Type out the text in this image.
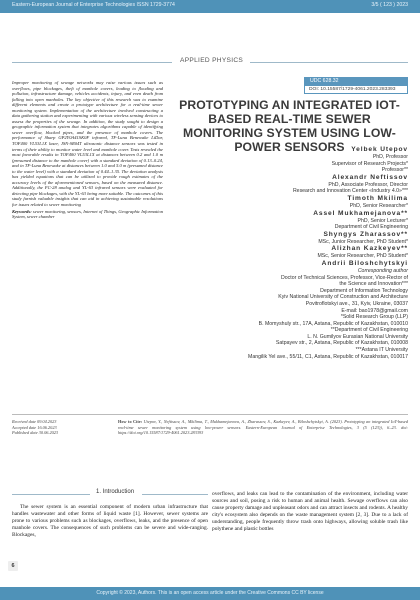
Eastern-European Journal of Enterprise Technologies ISSN 1729-3774	3/5 ( 123 ) 2023
APPLIED PHYSICS

Improper monitoring of sewage networks may raise various issues such as overflows, pipe blockages, theft of manhole covers, leading to flooding and pollution, infrastructure damage, vehicles accidents, injury, and even death from falling into open manholes. The key objective of this research was to examine different elements and create a prototype architecture for a real-time sewer monitoring system. Implementation of the architecture involved constructing a data gathering station and experimenting with various wireless sensing devices to assess the properties of the sewage. In addition, the study sought to design a geographic information system that integrates algorithms capable of identifying sewer overflow, blocked pipes, and the presence of manhole covers. The performance of Sharp GP2Y0A41SK0F infrared, TF-Luna Benewake LiDar, TOF400 VL53L1X laser, JSN-SR04T ultrasonic distance sensors was tested in terms of their ability to monitor water level and manhole cover. Tests revealed the most favorable results in TOF400 VL53L1X at distances between 0.2 and 1.0 m (presumed distance to the manhole cover) with a standard deviation of 0.13–0.24, and in TF-Luna Benewake at distances between 1.0 and 5.0 m (presumed distance to the water level) with a standard deviation of 0.44–1.35. The deviation analysis has yielded equations that can be utilized to provide rough estimates of the accuracy levels of the aforementioned sensors, based on the measured distance. Additionally, the FC-28 analog and YL-63 infrared sensors were evaluated for detecting pipe blockages, with the YL-63 being more suitable. The outcomes of this study furnish valuable insights that can aid in achieving sustainable resolutions for issues related to sewer monitoring

Keywords: sewer monitoring, sensors, Internet of Things, Geographic Information System, sewer chamber

UDC 628.32
DOI: 10.15587/1729-4061.2023.283393
PROTOTYPING AN INTEGRATED IOT-BASED REAL-TIME SEWER MONITORING SYSTEM USING LOW-POWER SENSORS Yelbek Utepov
PhD, Professor
Supervisor of Research Projects*
Professor**
Alexandr Neftissov
PhD, Associate Professor, Director
Research and Innovation Center «Industry 4.0»***
Timoth Mkilima
PhD, Senior Researcher*
Assel Mukhamejanova**
PhD, Senior Lecturer*
Department of Civil Engineering
Shyngys Zharassov**
MSc, Junior Researcher, PhD Student*
Alizhan Kazkeyev**
MSc, Senior Researcher, PhD Student*
Andrii Biloshchytskyi
Corresponding author
Doctor of Technical Sciences, Professor, Vice-Rector of
the Science and Innovation***
Department of Information Technology
Kyiv National University of Construction and Architecture
Povitroflotskyi ave., 31, Kyiv, Ukraine, 03037
E-mail: bao1978@gmail.com
*Solid Research Group (LLP)
B. Momyshuly str., 17A, Astana, Republic of Kazakhstan, 010010
**Department of Civil Engineering
L. N. Gumilyov Eurasian National University
Satpayev str., 2, Astana, Republic of Kazakhstan, 010008
***Astana IT University
Mangilik Yel ave., 55/11, C1, Astana, Republic of Kazakhstan, 010017
Received date 09.04.2023
Accepted date 16.06.2023
Published date 30.06.2023
How to Cite: Utepov, Y., Neftissov, A., Mkilima, T., Mukhamejanova, A., Zharassov, S., Kazkeyev, A., Biloshchytskyi, A. (2023). Prototyping an integrated IoT-based real-time sewer monitoring system using low-power sensors. Eastern-European Journal of Enterprise Technologies, 3 (5 (123)), 6–23. doi: https://doi.org/10.15587/1729-4061.2023.283393
1. Introduction
The sewer system is an essential component of modern urban infrastructure that handles wastewater and other forms of liquid waste [1]. However, sewer systems are prone to various problems such as blockages, overflows, leaks, and the presence of open manhole covers. The consequences of such problems can be severe and wide-ranging. Blockages,
overflows, and leaks can lead to the contamination of the environment, including water sources and soil, posing a risk to human and animal health. Sewage overflows can also cause property damage and unpleasant odors and can attract insects and rodents. A healthy city's ecosystem also depends on the waste management system [2, 3]. Due to a lack of understanding, people frequently throw trash onto highways, allowing soluble trash like polythene and plastic bottles
6
Copyright © 2023, Authors. This is an open access article under the Creative Commons CC BY license
